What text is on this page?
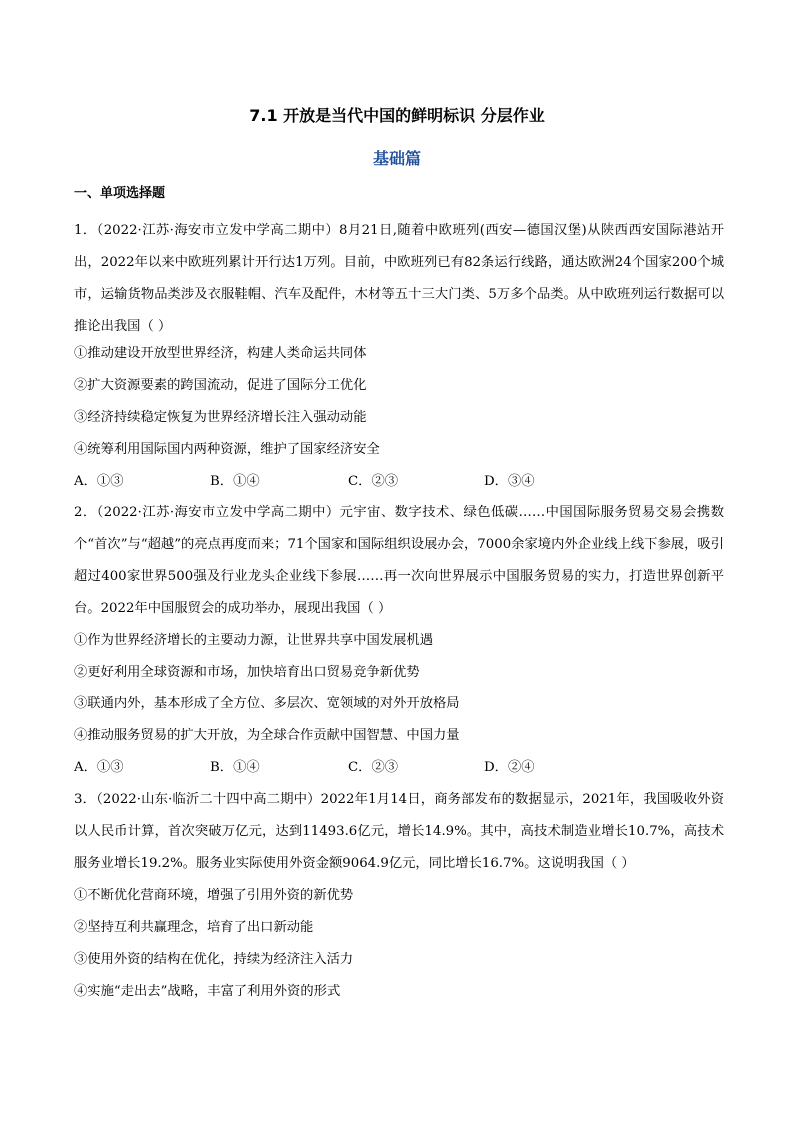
7.1 开放是当代中国的鲜明标识 分层作业
基础篇
一、单项选择题

1．（2022·江苏·海安市立发中学高二期中）8月21日,随着中欧班列(西安—德国汉堡)从陕西西安国际港站开出，2022年以来中欧班列累计开行达1万列。目前，中欧班列已有82条运行线路，通达欧洲24个国家200个城市，运输货物品类涉及衣服鞋帽、汽车及配件，木材等五十三大门类、5万多个品类。从中欧班列运行数据可以推论出我国（ ）

①推动建设开放型世界经济，构建人类命运共同体
②扩大资源要素的跨国流动，促进了国际分工优化
③经济持续稳定恢复为世界经济增长注入强动动能
④统筹利用国际国内两种资源，维护了国家经济安全
A．①③	B．①④	C．②③	D．③④

2．（2022·江苏·海安市立发中学高二期中）元宇宙、数字技术、绿色低碳……中国国际服务贸易交易会携数个“首次”与“超越”的亮点再度而来；71个国家和国际组织设展办会，7000余家境内外企业线上线下参展，吸引超过400家世界500强及行业龙头企业线下参展……再一次向世界展示中国服务贸易的实力，打造世界创新平台。2022年中国服贸会的成功举办，展现出我国（ ）

①作为世界经济增长的主要动力源，让世界共享中国发展机遇
②更好利用全球资源和市场，加快培育出口贸易竞争新优势
③联通内外，基本形成了全方位、多层次、宽领域的对外开放格局
④推动服务贸易的扩大开放，为全球合作贡献中国智慧、中国力量
A．①③	B．①④	C．②③	D．②④

3．（2022·山东·临沂二十四中高二期中）2022年1月14日，商务部发布的数据显示，2021年，我国吸收外资以人民币计算，首次突破万亿元，达到11493.6亿元，增长14.9%。其中，高技术制造业增长10.7%，高技术服务业增长19.2%。服务业实际使用外资金额9064.9亿元，同比增长16.7%。这说明我国（ ）

①不断优化营商环境，增强了引用外资的新优势
②坚持互利共赢理念，培育了出口新动能
③使用外资的结构在优化，持续为经济注入活力
④实施“走出去”战略，丰富了利用外资的形式
